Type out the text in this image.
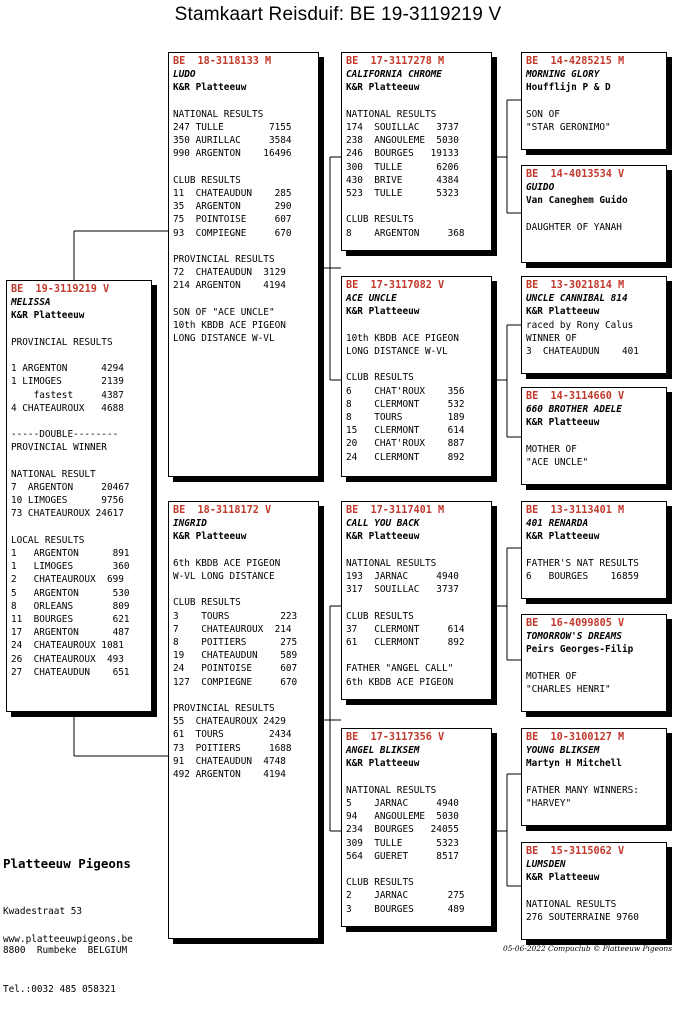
Stamkaart Reisduif: BE 19-3119219 V
BE  19-3119219 V
MELISSA
K&R Platteeuw
PROVINCIAL RESULTS
1 ARGENTON      4294
1 LIMOGES       2139
fastest     4387
4 CHATEAUROUX   4688
-----DOUBLE--------
PROVINCIAL WINNER
NATIONAL RESULT
7  ARGENTON     20467
10 LIMOGES      9756
73 CHATEAUROUX 24617
LOCAL RESULTS
1   ARGENTON      891
1   LIMOGES       360
2   CHATEAUROUX  699
5   ARGENTON      530
8   ORLEANS       809
11  BOURGES       621
17  ARGENTON      487
24  CHATEAUROUX 1081
26  CHATEAUROUX  493
27  CHATEAUDUN    651
BE  18-3118133 M
LUDO
K&R Platteeuw
NATIONAL RESULTS
247 TULLE        7155
350 AURILLAC     3584
990 ARGENTON    16496
CLUB RESULTS
11  CHATEAUDUN    285
35  ARGENTON      290
75  POINTOISE     607
93  COMPIEGNE     670
PROVINCIAL RESULTS
72  CHATEAUDUN  3129
214 ARGENTON    4194
SON OF "ACE UNCLE"
10th KBDB ACE PIGEON
LONG DISTANCE W-VL
BE  18-3118172 V
INGRID
K&R Platteeuw
6th KBDB ACE PIGEON
W-VL LONG DISTANCE
CLUB RESULTS
3    TOURS         223
7    CHATEAUROUX  214
8    POITIERS      275
19   CHATEAUDUN    589
24   POINTOISE     607
127  COMPIEGNE     670
PROVINCIAL RESULTS
55  CHATEAUROUX 2429
61  TOURS        2434
73  POITIERS     1688
91  CHATEAUDUN  4748
492 ARGENTON    4194
BE  17-3117278 M
CALIFORNIA CHROME
K&R Platteeuw
NATIONAL RESULTS
174  SOUILLAC   3737
238  ANGOULEME  5030
246  BOURGES   19133
300  TULLE      6206
430  BRIVE      4384
523  TULLE      5323
CLUB RESULTS
8    ARGENTON     368
BE  17-3117082 V
ACE UNCLE
K&R Platteeuw
10th KBDB ACE PIGEON
LONG DISTANCE W-VL
CLUB RESULTS
6    CHAT'ROUX    356
8    CLERMONT     532
8    TOURS        189
15   CLERMONT     614
20   CHAT'ROUX    887
24   CLERMONT     892
BE  17-3117401 M
CALL YOU BACK
K&R Platteeuw
NATIONAL RESULTS
193  JARNAC     4940
317  SOUILLAC   3737
CLUB RESULTS
37   CLERMONT     614
61   CLERMONT     892
FATHER "ANGEL CALL"
6th KBDB ACE PIGEON
BE  17-3117356 V
ANGEL BLIKSEM
K&R Platteeuw
NATIONAL RESULTS
5    JARNAC     4940
94   ANGOULEME  5030
234  BOURGES   24055
309  TULLE      5323
564  GUERET     8517
CLUB RESULTS
2    JARNAC       275
3    BOURGES      489
BE  14-4285215 M
MORNING GLORY
Houfflijn P & D
SON OF
"STAR GERONIMO"
BE  14-4013534 V
GUIDO
Van Caneghem Guido
DAUGHTER OF YANAH
BE  13-3021814 M
UNCLE CANNIBAL 814
K&R Platteeuw
raced by Rony Calus
WINNER OF
3  CHATEAUDUN    401
BE  14-3114660 V
660 BROTHER ADELE
K&R Platteeuw
MOTHER OF
"ACE UNCLE"
BE  13-3113401 M
401 RENARDA
K&R Platteeuw
FATHER'S NAT RESULTS
6   BOURGES    16859
BE  16-4099805 V
TOMORROW'S DREAMS
Peirs Georges-Filip
MOTHER OF
"CHARLES HENRI"
BE  10-3100127 M
YOUNG BLIKSEM
Martyn H Mitchell
FATHER MANY WINNERS:
"HARVEY"
BE  15-3115062 V
LUMSDEN
K&R Platteeuw
NATIONAL RESULTS
276 SOUTERRAINE 9760
Platteeuw Pigeons

Kwadestraat 53

8800  Rumbeke  BELGIUM

Tel.:0032 485 058321

www.platteeuwpigeons.be
05-06-2022 Compuclub © Platteeuw Pigeons
